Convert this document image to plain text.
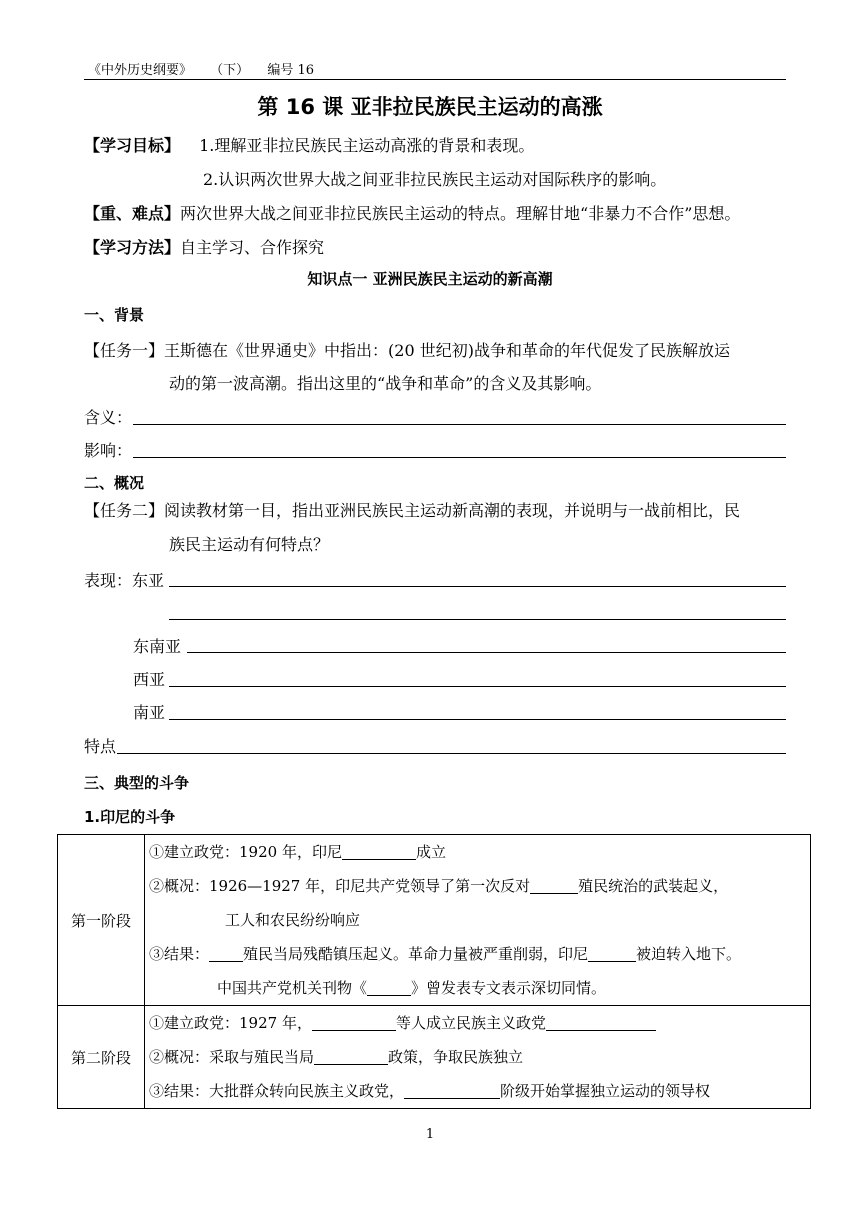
《中外历史纲要》 （下） 编号 16
第 16 课 亚非拉民族民主运动的高涨
【学习目标】 1.理解亚非拉民族民主运动高涨的背景和表现。
2.认识两次世界大战之间亚非拉民族民主运动对国际秩序的影响。
【重、难点】两次世界大战之间亚非拉民族民主运动的特点。理解甘地“非暴力不合作”思想。
【学习方法】自主学习、合作探究
知识点一 亚洲民族民主运动的新高潮
一、背景
【任务一】王斯德在《世界通史》中指出：(20 世纪初)战争和革命的年代促发了民族解放运
动的第一波高潮。指出这里的“战争和革命”的含义及其影响。
含义：
影响：
二、概况
【任务二】阅读教材第一目，指出亚洲民族民主运动新高潮的表现，并说明与一战前相比，民
族民主运动有何特点？
表现：东亚
东南亚
西亚
南亚
特点
三、典型的斗争
1.印尼的斗争
第一阶段	①建立政党：1920 年，印尼 成立
②概况：1926—1927 年，印尼共产党领导了第一次反对 殖民统治的武装起义，
工人和农民纷纷响应
③结果： 殖民当局残酷镇压起义。革命力量被严重削弱，印尼 被迫转入地下。
中国共产党机关刊物《 》曾发表专文表示深切同情。

第二阶段	①建立政党：1927 年， 等人成立民族主义政党
②概况：采取与殖民当局 政策，争取民族独立
③结果：大批群众转向民族主义政党， 阶级开始掌握独立运动的领导权
1
